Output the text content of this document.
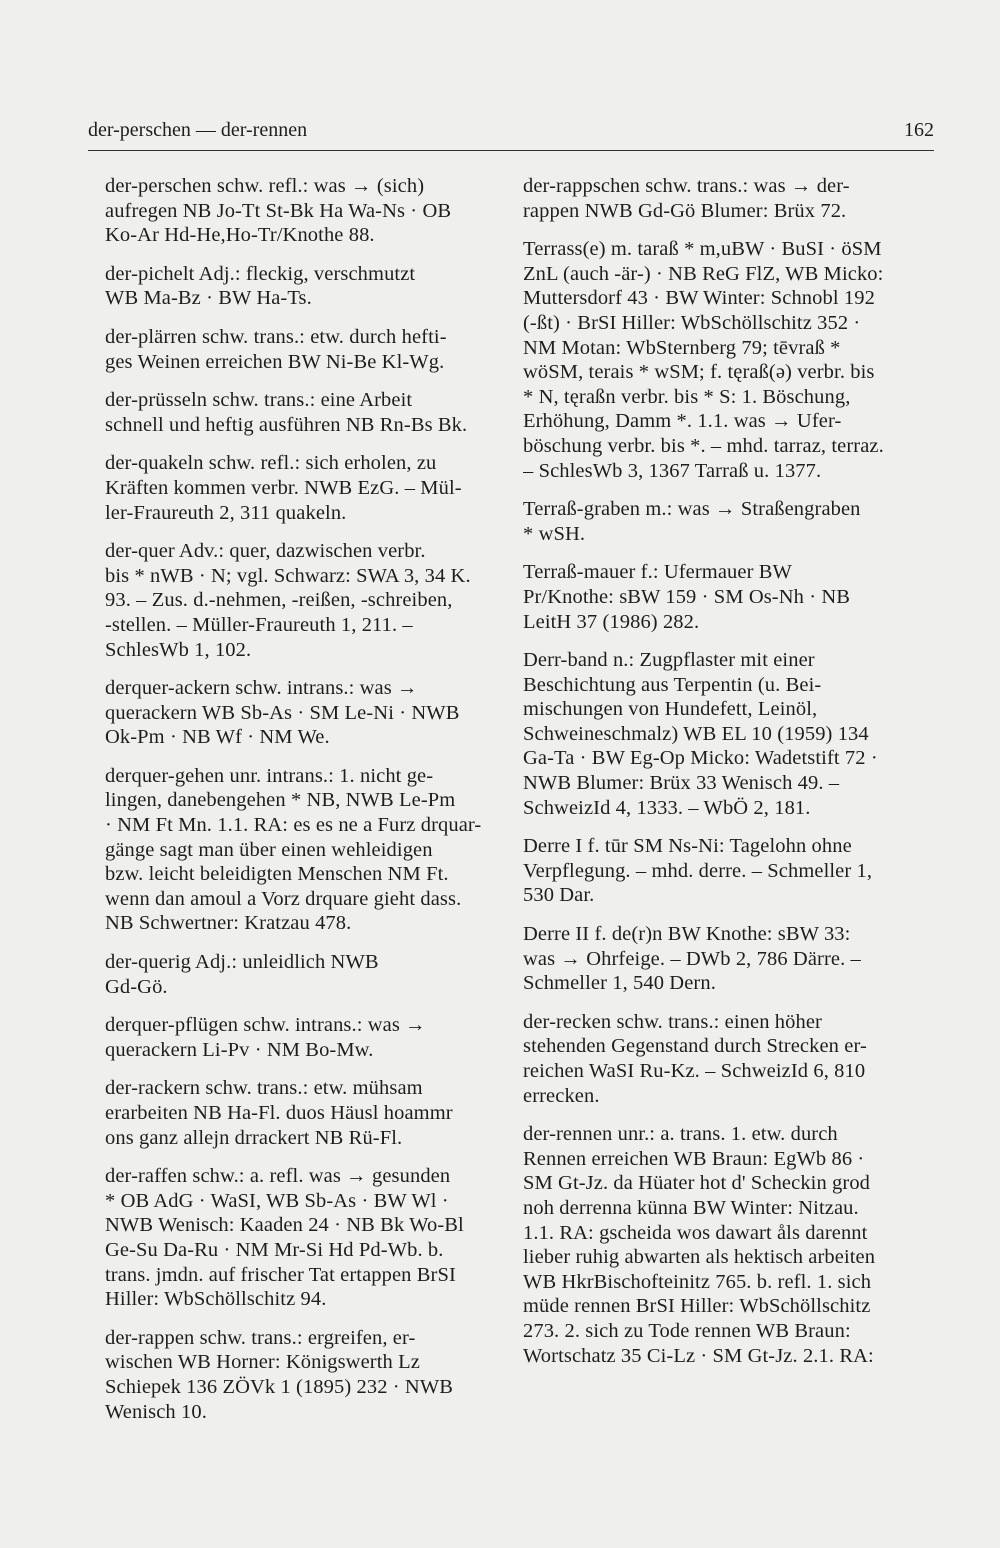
der-perschen — der-rennen	162
der-perschen schw. refl.: was → (sich)
aufregen NB Jo-Tt St-Bk Ha Wa-Ns · OB
Ko-Ar Hd-He,Ho-Tr/Knothe 88.
der-pichelt Adj.: fleckig, verschmutzt
WB Ma-Bz · BW Ha-Ts.
der-plärren schw. trans.: etw. durch hefti-
ges Weinen erreichen BW Ni-Be Kl-Wg.
der-prüsseln schw. trans.: eine Arbeit
schnell und heftig ausführen NB Rn-Bs Bk.
der-quakeln schw. refl.: sich erholen, zu
Kräften kommen verbr. NWB EzG. – Mül-
ler-Fraureuth 2, 311 quakeln.
der-quer Adv.: quer, dazwischen verbr.
bis * nWB · N; vgl. Schwarz: SWA 3, 34 K.
93. – Zus. d.-nehmen, -reißen, -schreiben,
-stellen. – Müller-Fraureuth 1, 211. –
SchlesWb 1, 102.
derquer-ackern schw. intrans.: was →
querackern WB Sb-As · SM Le-Ni · NWB
Ok-Pm · NB Wf · NM We.
derquer-gehen unr. intrans.: 1. nicht ge-
lingen, danebengehen * NB, NWB Le-Pm
· NM Ft Mn. 1.1. RA: es es ne a Furz drquar-
gänge sagt man über einen wehleidigen
bzw. leicht beleidigten Menschen NM Ft.
wenn dan amoul a Vorz drquare gieht dass.
NB Schwertner: Kratzau 478.
der-querig Adj.: unleidlich NWB
Gd-Gö.
derquer-pflügen schw. intrans.: was →
querackern Li-Pv · NM Bo-Mw.
der-rackern schw. trans.: etw. mühsam
erarbeiten NB Ha-Fl. duos Häusl hoammr
ons ganz allejn drrackert NB Rü-Fl.
der-raffen schw.: a. refl. was → gesunden
* OB AdG · WaSI, WB Sb-As · BW Wl ·
NWB Wenisch: Kaaden 24 · NB Bk Wo-Bl
Ge-Su Da-Ru · NM Mr-Si Hd Pd-Wb. b.
trans. jmdn. auf frischer Tat ertappen BrSI
Hiller: WbSchöllschitz 94.
der-rappen schw. trans.: ergreifen, er-
wischen WB Horner: Königswerth Lz
Schiepek 136 ZÖVk 1 (1895) 232 · NWB
Wenisch 10.
der-rappschen schw. trans.: was → der-
rappen NWB Gd-Gö Blumer: Brüx 72.
Terrass(e) m. taraß * m,uBW · BuSI · öSM
ZnL (auch -är-) · NB ReG FlZ, WB Micko:
Muttersdorf 43 · BW Winter: Schnobl 192
(-ßt) · BrSI Hiller: WbSchöllschitz 352 ·
NM Motan: WbSternberg 79; tēvraß *
wöSM, terais * wSM; f. tęraß(ə) verbr. bis
* N, tęraßn verbr. bis * S: 1. Böschung,
Erhöhung, Damm *. 1.1. was → Ufer-
böschung verbr. bis *. – mhd. tarraz, terraz.
– SchlesWb 3, 1367 Tarraß u. 1377.
Terraß-graben m.: was → Straßengraben
* wSH.
Terraß-mauer f.: Ufermauer BW
Pr/Knothe: sBW 159 · SM Os-Nh · NB
LeitH 37 (1986) 282.
Derr-band n.: Zugpflaster mit einer
Beschichtung aus Terpentin (u. Bei-
mischungen von Hundefett, Leinöl,
Schweineschmalz) WB EL 10 (1959) 134
Ga-Ta · BW Eg-Op Micko: Wadetstift 72 ·
NWB Blumer: Brüx 33 Wenisch 49. –
SchweizId 4, 1333. – WbÖ 2, 181.
Derre I f. tūr SM Ns-Ni: Tagelohn ohne
Verpflegung. – mhd. derre. – Schmeller 1,
530 Dar.
Derre II f. de(r)n BW Knothe: sBW 33:
was → Ohrfeige. – DWb 2, 786 Därre. –
Schmeller 1, 540 Dern.
der-recken schw. trans.: einen höher
stehenden Gegenstand durch Strecken er-
reichen WaSI Ru-Kz. – SchweizId 6, 810
errecken.
der-rennen unr.: a. trans. 1. etw. durch
Rennen erreichen WB Braun: EgWb 86 ·
SM Gt-Jz. da Hüater hot d' Scheckin grod
noh derrenna künna BW Winter: Nitzau.
1.1. RA: gscheida wos dawart åls darennt
lieber ruhig abwarten als hektisch arbeiten
WB HkrBischofteinitz 765. b. refl. 1. sich
müde rennen BrSI Hiller: WbSchöllschitz
273. 2. sich zu Tode rennen WB Braun:
Wortschatz 35 Ci-Lz · SM Gt-Jz. 2.1. RA:
